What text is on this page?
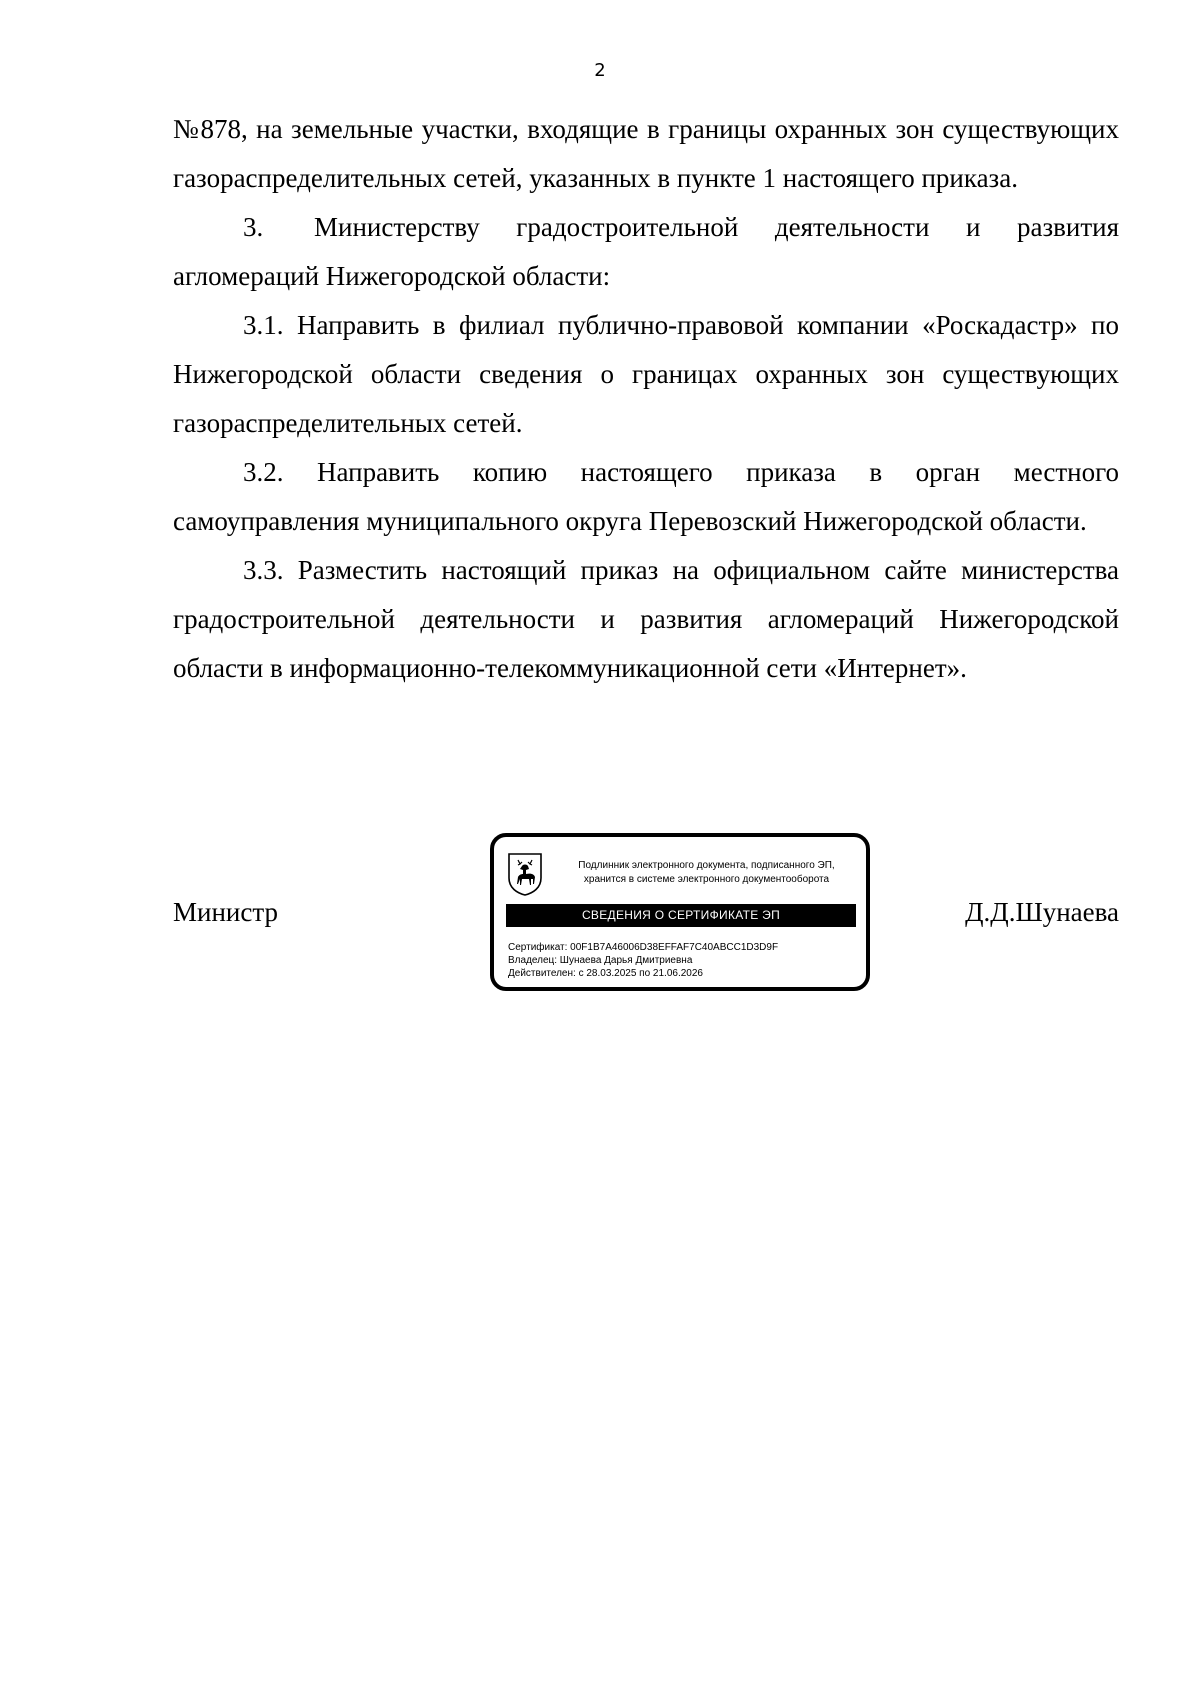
2

№878, на земельные участки, входящие в границы охранных зон существующих газораспределительных сетей, указанных в пункте 1 настоящего приказа.

3. Министерству градостроительной деятельности и развития агломераций Нижегородской области:

3.1. Направить в филиал публично-правовой компании «Роскадастр» по Нижегородской области сведения о границах охранных зон существующих газораспределительных сетей.

3.2. Направить копию настоящего приказа в орган местного самоуправления муниципального округа Перевозский Нижегородской области.

3.3. Разместить настоящий приказ на официальном сайте министерства градостроительной деятельности и развития агломераций Нижегородской области в информационно-телекоммуникационной сети «Интернет».

Министр	Д.Д.Шунаева
Подлинник электронного документа, подписанного ЭП,
хранится в системе электронного документооборота
СВЕДЕНИЯ О СЕРТИФИКАТЕ ЭП
Сертификат: 00F1B7A46006D38EFFAF7C40ABCC1D3D9F
Владелец: Шунаева Дарья Дмитриевна
Действителен: с 28.03.2025 по 21.06.2026
